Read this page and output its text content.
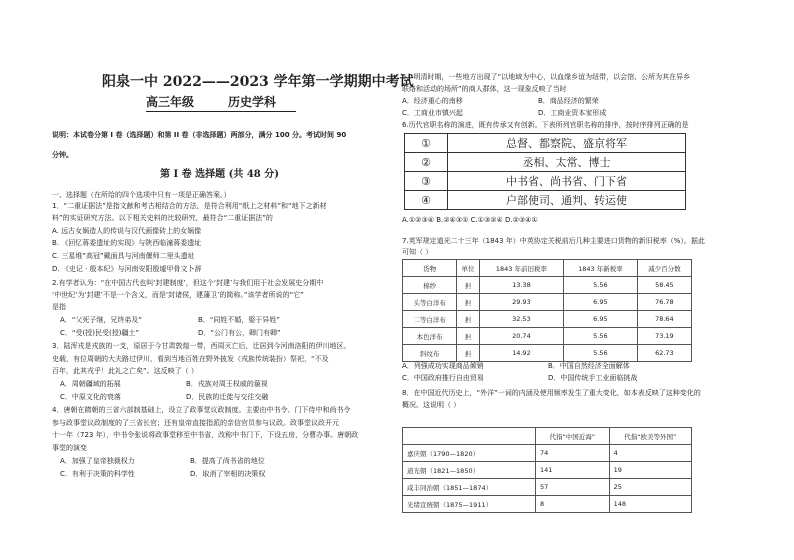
阳泉一中 2022——2023 学年第一学期期中考试
高三年级	历史学科
说明：本试卷分第 I 卷（选择题）和第 II 卷（非选择题）两部分，满分 100 分。考试时间 90
分钟。
第 I 卷 选择题 (共 48 分)
一、选择题（在所给的四个选项中只有一项是正确答案。）
1．“二重证据法”是指文献和考古相结合的方法，是符合利用“纸上之材料”和“地下之新材
料”的实证研究方法。以下相关史料的比较研究，最符合“二重证据法”的
A. 远古女娲造人的传说与汉代画像砖上的女娲像
B. 《回忆蒋委遗址的实现》与陕西临潼蒋委遗址
C. 三星堆“高冠”戴面具与河南偃师二里头遗址
D. 《史记 · 殷本纪》与河南安阳殷墟甲骨文卜辞
2.有学者认为：“在中国古代也叫‘封建制度’，但这个‘封建’与我们用于社会发展史分期中
‘中世纪’为‘封建’不是一个含义，而是‘封诸侯，建藩卫’的简称。”该学者所说的“它”
是指
A．“父死子继，兄终弟及”	B．“同姓不婚，娶于异姓”
C．“受(授)民受(授)疆土”	D．“公门有公，卿门有卿”
3．陆浑戎是戎族的一支，原居于今甘肃敦煌一带，西周灭亡后，迁居到今河南洛阳的伊川地区。
史载，有位周朝的大夫路过伊川，看到当地百姓在野外披发（戎族传统装扮）祭祀，“不及
百年，此其戎乎！此礼之亡矣”。这反映了（ ）
A．周朝疆域的拓展	B．戎族对周王权威的藐视
C．中原文化的衰落	D．民族的迁徙与交往交融
4．唐朝在隋朝的三省六部制基础上，设立了政事堂议政制度。主要由中书令、门下侍中和尚书令
参与政事堂议政制度的了三省长官；还有皇帝直接指派的亲信官员参与议政。政事堂议政开元
十一年（723 年），中书令张说将政事堂移至中书省，改称中书门下，下设五房，分曹办事。唐朝政
事堂的演变
A．加强了皇帝独裁权力	B．提高了尚书省的地位
C．有利于决策的科学性	D．取消了宰相的决策权
5．明清时期，一些地方出现了“以地域为中心，以血缘乡谊为纽带，以会馆、公所为其在异乡
联络和活动的场所”的商人群体，这一现象反映了当时
A．经济重心的南移	B．商品经济的繁荣
C．工商业市镇兴起	D．工商业资本家形成
6.历代官职名称的演进，既有传承又有创新。下表所列官职名称的排序，按时序排列正确的是
①	总督、都察院、盛京将军
②	丞相、太常、博士
③	中书省、尚书省、门下省
④	户部使司、通判、转运使
A.①②③④ B.②④③① C.①③②④ D.②③④①
7.英军规定道光二十三年（1843 年）中英协定关税前后几种主要进口货物的新旧税率（%）。据此
可知（ ）
货物	单位	1843 年前旧税率	1843 年新税率	减少百分数
棉纱	担	13.38	5.56	58.45
头等白洋布	担	29.93	6.95	76.78
二等白洋布	担	32.53	6.95	78.64
本色洋布	担	20.74	5.56	73.19
斜纹布	担	14.92	5.56	62.73
A．列强成功实现商品倾销	B．中国自然经济全面解体
C．中国政府推行自由贸易	D．中国传统手工业面临挑战
8．在中国近代历史上，“外洋”一词的内涵及使用频率发生了重大变化，如本表反映了这种变化的
概况。这说明（ ）
	代指“中国近海”	代指“欧美等外国”
嘉庆朝（1790—1820）	74	4
道光朝（1821—1850）	141	19
咸丰同治朝（1851—1874）	57	25
光绪宣统朝（1875—1911）	8	148
